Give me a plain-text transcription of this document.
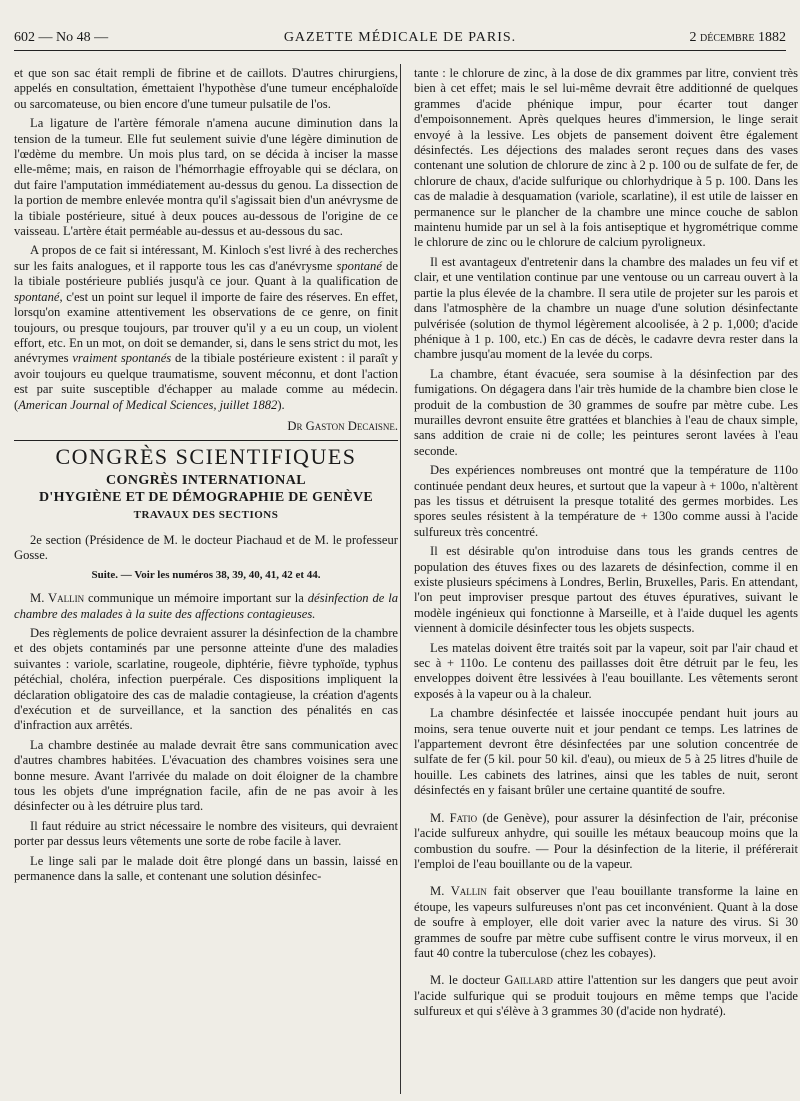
602 — No 48 —	GAZETTE MÉDICALE DE PARIS.	2 décembre 1882

et que son sac était rempli de fibrine et de caillots. D'autres chirurgiens, appelés en consultation, émettaient l'hypothèse d'une tumeur encéphaloïde ou sarcomateuse, ou bien encore d'une tumeur pulsatile de l'os.

La ligature de l'artère fémorale n'amena aucune diminution dans la tension de la tumeur. Elle fut seulement suivie d'une légère diminution de l'œdème du membre. Un mois plus tard, on se décida à inciser la masse elle-même; mais, en raison de l'hémorrhagie effroyable qui se déclara, on dut faire l'amputation immédiatement au-dessus du genou. La dissection de la portion de membre enlevée montra qu'il s'agissait bien d'un anévrysme de la tibiale postérieure, situé à deux pouces au-dessous de l'origine de ce vaisseau. L'artère était perméable au-dessus et au-dessous du sac.

A propos de ce fait si intéressant, M. Kinloch s'est livré à des recherches sur les faits analogues, et il rapporte tous les cas d'anévrysme spontané de la tibiale postérieure publiés jusqu'à ce jour. Quant à la qualification de spontané, c'est un point sur lequel il importe de faire des réserves. En effet, lorsqu'on examine attentivement les observations de ce genre, on finit toujours, ou presque toujours, par trouver qu'il y a eu un coup, un violent effort, etc. En un mot, on doit se demander, si, dans le sens strict du mot, les anévrymes vraiment spontanés de la tibiale postérieure existent : il paraît y avoir toujours eu quelque traumatisme, souvent méconnu, et dont l'action est par suite susceptible d'échapper au malade comme au médecin. (American Journal of Medical Sciences, juillet 1882).

Dr Gaston Decaisne.
CONGRÈS SCIENTIFIQUES
CONGRÈS INTERNATIONAL
D'HYGIÈNE ET DE DÉMOGRAPHIE DE GENÈVE
TRAVAUX DES SECTIONS

2e section (Présidence de M. le docteur Piachaud et de M. le professeur Gosse.

Suite. — Voir les numéros 38, 39, 40, 41, 42 et 44.

M. Vallin communique un mémoire important sur la désinfection de la chambre des malades à la suite des affections contagieuses.

Des règlements de police devraient assurer la désinfection de la chambre et des objets contaminés par une personne atteinte d'une des maladies suivantes : variole, scarlatine, rougeole, diphtérie, fièvre typhoïde, typhus pétéchial, choléra, infection puerpérale. Ces dispositions impliquent la déclaration obligatoire des cas de maladie contagieuse, la création d'agents d'exécution et de surveillance, et la sanction des pénalités en cas d'infraction aux arrêtés.

La chambre destinée au malade devrait être sans communication avec d'autres chambres habitées. L'évacuation des chambres voisines sera une bonne mesure. Avant l'arrivée du malade on doit éloigner de la chambre tous les objets d'une imprégnation facile, afin de ne pas avoir à les désinfecter ou à les détruire plus tard.

Il faut réduire au strict nécessaire le nombre des visiteurs, qui devraient porter par dessus leurs vêtements une sorte de robe facile à laver.

Le linge sali par le malade doit être plongé dans un bassin, laissé en permanence dans la salle, et contenant une solution désinfec-

tante : le chlorure de zinc, à la dose de dix grammes par litre, convient très bien à cet effet; mais le sel lui-même devrait être additionné de quelques grammes d'acide phénique impur, pour écarter tout danger d'empoisonnement. Après quelques heures d'immersion, le linge serait envoyé à la lessive. Les objets de pansement doivent être également désinfectés. Les déjections des malades seront reçues dans des vases contenant une solution de chlorure de zinc à 2 p. 100 ou de sulfate de fer, de chlorure de chaux, d'acide sulfurique ou chlorhydrique à 5 p. 100. Dans les cas de maladie à desquamation (variole, scarlatine), il est utile de laisser en permanence sur le plancher de la chambre une mince couche de sablon maintenu humide par un sel à la fois antiseptique et hygrométrique comme le chlorure de zinc ou le chlorure de calcium pyroligneux.

Il est avantageux d'entretenir dans la chambre des malades un feu vif et clair, et une ventilation continue par une ventouse ou un carreau ouvert à la partie la plus élevée de la chambre. Il sera utile de projeter sur les parois et dans l'atmosphère de la chambre un nuage d'une solution désinfectante pulvérisée (solution de thymol légèrement alcoolisée, à 2 p. 1,000; d'acide phénique à 1 p. 100, etc.) En cas de décès, le cadavre devra rester dans la chambre jusqu'au moment de la levée du corps.

La chambre, étant évacuée, sera soumise à la désinfection par des fumigations. On dégagera dans l'air très humide de la chambre bien close le produit de la combustion de 30 grammes de soufre par mètre cube. Les murailles devront ensuite être grattées et blanchies à l'eau de chaux simple, sans addition de craie ni de colle; les peintures seront lavées à l'eau seconde.

Des expériences nombreuses ont montré que la température de 110o continuée pendant deux heures, et surtout que la vapeur à + 100o, n'altèrent pas les tissus et détruisent la presque totalité des germes morbides. Les spores seules résistent à la température de + 130o comme aussi à l'acide sulfureux très concentré.

Il est désirable qu'on introduise dans tous les grands centres de population des étuves fixes ou des lazarets de désinfection, comme il en existe plusieurs spécimens à Londres, Berlin, Bruxelles, Paris. En attendant, l'on peut improviser presque partout des étuves épuratives, suivant le modèle ingénieux qui fonctionne à Marseille, et à l'aide duquel les agents viennent à domicile désinfecter tous les objets suspects.

Les matelas doivent être traités soit par la vapeur, soit par l'air chaud et sec à + 110o. Le contenu des paillasses doit être détruit par le feu, les enveloppes doivent être lessivées à l'eau bouillante. Les vêtements seront exposés à la vapeur ou à la chaleur.

La chambre désinfectée et laissée inoccupée pendant huit jours au moins, sera tenue ouverte nuit et jour pendant ce temps. Les latrines de l'appartement devront être désinfectées par une solution concentrée de sulfate de fer (5 kil. pour 50 kil. d'eau), ou mieux de 5 à 25 litres d'huile de houille. Les cabinets des latrines, ainsi que les tables de nuit, seront désinfectés en y faisant brûler une certaine quantité de soufre.

M. Fatio (de Genève), pour assurer la désinfection de l'air, préconise l'acide sulfureux anhydre, qui souille les métaux beaucoup moins que la combustion du soufre. — Pour la désinfection de la literie, il préférerait l'emploi de l'eau bouillante ou de la vapeur.

M. Vallin fait observer que l'eau bouillante transforme la laine en étoupe, les vapeurs sulfureuses n'ont pas cet inconvénient. Quant à la dose de soufre à employer, elle doit varier avec la nature des virus. Si 30 grammes de soufre par mètre cube suffisent contre le virus morveux, il en faut 40 contre la tuberculose (chez les cobayes).

M. le docteur Gaillard attire l'attention sur les dangers que peut avoir l'acide sulfurique qui se produit toujours en même temps que l'acide sulfureux et qui s'élève à 3 grammes 30 (d'acide non hydraté).
